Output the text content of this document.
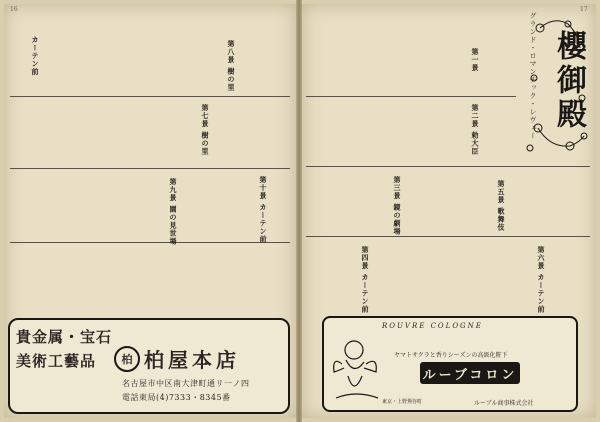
16	17
第八景 樹の里
第七景 樹の里
第十景 カーテン前
第九景 園の見世場
カーテン前	第一景
第二景 勅大臣
第三景 鏡の劇場
第四景 カーテン前
第五景 歌舞伎
第六景 カーテン前
グランド・ロマンチック・レヴュー 櫻御殿
貴金属・宝石
美術工藝品	柏 柏屋本店
名古屋市中区南大津町通リ一ノ四
電話東局(4)7333・8345番
ROUVRE COLOGNE
ヤマトサクラと香りシーズンの高級化粧下
ルーブコロン
東京・上野鶯谷町	ルーブル商事株式会社
